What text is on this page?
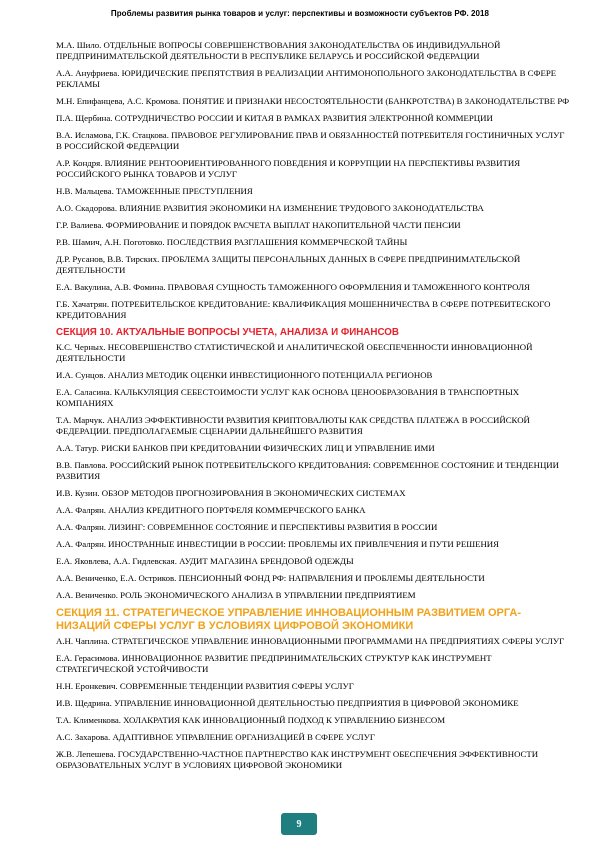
Проблемы развития рынка товаров и услуг: перспективы и возможности субъектов РФ. 2018

М.А. Шило. ОТДЕЛЬНЫЕ ВОПРОСЫ СОВЕРШЕНСТВОВАНИЯ ЗАКОНОДАТЕЛЬСТВА ОБ ИНДИВИДУАЛЬНОЙ ПРЕДПРИНИМАТЕЛЬСКОЙ ДЕЯТЕЛЬНОСТИ В РЕСПУБЛИКЕ БЕЛАРУСЬ И РОССИЙСКОЙ ФЕДЕРАЦИИ

А.А. Ануфриева. ЮРИДИЧЕСКИЕ ПРЕПЯТСТВИЯ В РЕАЛИЗАЦИИ АНТИМОНОПОЛЬНОГО ЗАКОНОДАТЕЛЬСТВА В СФЕРЕ РЕКЛАМЫ

М.Н. Епифанцева, А.С. Кромова. ПОНЯТИЕ И ПРИЗНАКИ НЕСОСТОЯТЕЛЬНОСТИ (БАНКРОТСТВА) В ЗАКОНОДАТЕЛЬСТВЕ РФ

П.А. Щербина. СОТРУДНИЧЕСТВО РОССИИ И КИТАЯ В РАМКАХ РАЗВИТИЯ ЭЛЕКТРОННОЙ КОММЕРЦИИ

В.А. Исламова, Г.К. Стацкова. ПРАВОВОЕ РЕГУЛИРОВАНИЕ ПРАВ И ОБЯЗАННОСТЕЙ ПОТРЕБИТЕЛЯ ГОСТИНИЧНЫХ УСЛУГ В РОССИЙСКОЙ ФЕДЕРАЦИИ

А.Р. Кондря. ВЛИЯНИЕ РЕНТООРИЕНТИРОВАННОГО ПОВЕДЕНИЯ И КОРРУПЦИИ НА ПЕРСПЕКТИВЫ РАЗВИТИЯ РОССИЙСКОГО РЫНКА ТОВАРОВ И УСЛУГ

Н.В. Мальцева. ТАМОЖЕННЫЕ ПРЕСТУПЛЕНИЯ

А.О. Скадорова. ВЛИЯНИЕ РАЗВИТИЯ ЭКОНОМИКИ НА ИЗМЕНЕНИЕ ТРУДОВОГО ЗАКОНОДАТЕЛЬСТВА

Г.Р. Валиева. ФОРМИРОВАНИЕ И ПОРЯДОК РАСЧЕТА ВЫПЛАТ НАКОПИТЕЛЬНОЙ ЧАСТИ ПЕНСИИ

Р.В. Шамич, А.Н. Поготовко. ПОСЛЕДСТВИЯ РАЗГЛАШЕНИЯ КОММЕРЧЕСКОЙ ТАЙНЫ

Д.Р. Русанов, В.В. Тирских. ПРОБЛЕМА ЗАЩИТЫ ПЕРСОНАЛЬНЫХ ДАННЫХ В СФЕРЕ ПРЕДПРИНИМАТЕЛЬСКОЙ ДЕЯТЕЛЬНОСТИ

Е.А. Вакулина, А.В. Фомина. ПРАВОВАЯ СУЩНОСТЬ ТАМОЖЕННОГО ОФОРМЛЕНИЯ И ТАМОЖЕННОГО КОНТРОЛЯ

Г.Б. Хачатрян. ПОТРЕБИТЕЛЬСКОЕ КРЕДИТОВАНИЕ: КВАЛИФИКАЦИЯ МОШЕННИЧЕСТВА В СФЕРЕ ПОТРЕБИТЕСКОГО КРЕДИТОВАНИЯ

СЕКЦИЯ 10. АКТУАЛЬНЫЕ ВОПРОСЫ УЧЕТА, АНАЛИЗА И ФИНАНСОВ

К.С. Черных. НЕСОВЕРШЕНСТВО СТАТИСТИЧЕСКОЙ И АНАЛИТИЧЕСКОЙ ОБЕСПЕЧЕННОСТИ ИННОВАЦИОННОЙ ДЕЯТЕЛЬНОСТИ

И.А. Сунцов. АНАЛИЗ МЕТОДИК ОЦЕНКИ ИНВЕСТИЦИОННОГО ПОТЕНЦИАЛА РЕГИОНОВ

Е.А. Саласина. КАЛЬКУЛЯЦИЯ СЕБЕСТОИМОСТИ УСЛУГ КАК ОСНОВА ЦЕНООБРАЗОВАНИЯ В ТРАНСПОРТНЫХ КОМПАНИЯХ

Т.А. Марчук. АНАЛИЗ ЭФФЕКТИВНОСТИ РАЗВИТИЯ КРИПТОВАЛЮТЫ КАК СРЕДСТВА ПЛАТЕЖА В РОССИЙСКОЙ ФЕДЕРАЦИИ. ПРЕДПОЛАГАЕМЫЕ СЦЕНАРИИ ДАЛЬНЕЙШЕГО РАЗВИТИЯ

А.А. Татур. РИСКИ БАНКОВ ПРИ КРЕДИТОВАНИИ ФИЗИЧЕСКИХ ЛИЦ И УПРАВЛЕНИЕ ИМИ

В.В. Павлова. РОССИЙСКИЙ РЫНОК ПОТРЕБИТЕЛЬСКОГО КРЕДИТОВАНИЯ: СОВРЕМЕННОЕ СОСТОЯНИЕ И ТЕНДЕНЦИИ РАЗВИТИЯ

И.В. Кузин. ОБЗОР МЕТОДОВ ПРОГНОЗИРОВАНИЯ В ЭКОНОМИЧЕСКИХ СИСТЕМАХ

А.А. Фалрян. АНАЛИЗ КРЕДИТНОГО ПОРТФЕЛЯ КОММЕРЧЕСКОГО БАНКА

А.А. Фалрян. ЛИЗИНГ: СОВРЕМЕННОЕ СОСТОЯНИЕ И ПЕРСПЕКТИВЫ РАЗВИТИЯ В РОССИИ

А.А. Фалрян. ИНОСТРАННЫЕ ИНВЕСТИЦИИ В РОССИИ: ПРОБЛЕМЫ ИХ ПРИВЛЕЧЕНИЯ И ПУТИ РЕШЕНИЯ

Е.А. Яковлева, А.А. Гидлевская. АУДИТ МАГАЗИНА БРЕНДОВОЙ ОДЕЖДЫ

А.А. Вениченко, Е.А. Остриков. ПЕНСИОННЫЙ ФОНД РФ: НАПРАВЛЕНИЯ И ПРОБЛЕМЫ ДЕЯТЕЛЬНОСТИ

А.А. Вениченко. РОЛЬ ЭКОНОМИЧЕСКОГО АНАЛИЗА В УПРАВЛЕНИИ ПРЕДПРИЯТИЕМ

СЕКЦИЯ 11. СТРАТЕГИЧЕСКОЕ УПРАВЛЕНИЕ ИННОВАЦИОННЫМ РАЗВИТИЕМ ОРГА-НИЗАЦИЙ СФЕРЫ УСЛУГ В УСЛОВИЯХ ЦИФРОВОЙ ЭКОНОМИКИ

А.Н. Чаплина. СТРАТЕГИЧЕСКОЕ УПРАВЛЕНИЕ ИННОВАЦИОННЫМИ ПРОГРАММАМИ НА ПРЕДПРИЯТИЯХ СФЕРЫ УСЛУГ

Е.А. Герасимова. ИННОВАЦИОННОЕ РАЗВИТИЕ ПРЕДПРИНИМАТЕЛЬСКИХ СТРУКТУР КАК ИНСТРУМЕНТ СТРАТЕГИЧЕСКОЙ УСТОЙЧИВОСТИ

Н.Н. Еронкевич. СОВРЕМЕННЫЕ ТЕНДЕНЦИИ РАЗВИТИЯ СФЕРЫ УСЛУГ

И.В. Щедрина. УПРАВЛЕНИЕ ИННОВАЦИОННОЙ ДЕЯТЕЛЬНОСТЬЮ ПРЕДПРИЯТИЯ В ЦИФРОВОЙ ЭКОНОМИКЕ

Т.А. Клименкова. ХОЛАКРАТИЯ КАК ИННОВАЦИОННЫЙ ПОДХОД К УПРАВЛЕНИЮ БИЗНЕСОМ

А.С. Захарова. АДАПТИВНОЕ УПРАВЛЕНИЕ ОРГАНИЗАЦИЕЙ В СФЕРЕ УСЛУГ

Ж.В. Лепешева. ГОСУДАРСТВЕННО-ЧАСТНОЕ ПАРТНЕРСТВО КАК ИНСТРУМЕНТ ОБЕСПЕЧЕНИЯ ЭФФЕКТИВНОСТИ ОБРАЗОВАТЕЛЬНЫХ УСЛУГ В УСЛОВИЯХ ЦИФРОВОЙ ЭКОНОМИКИ

9
